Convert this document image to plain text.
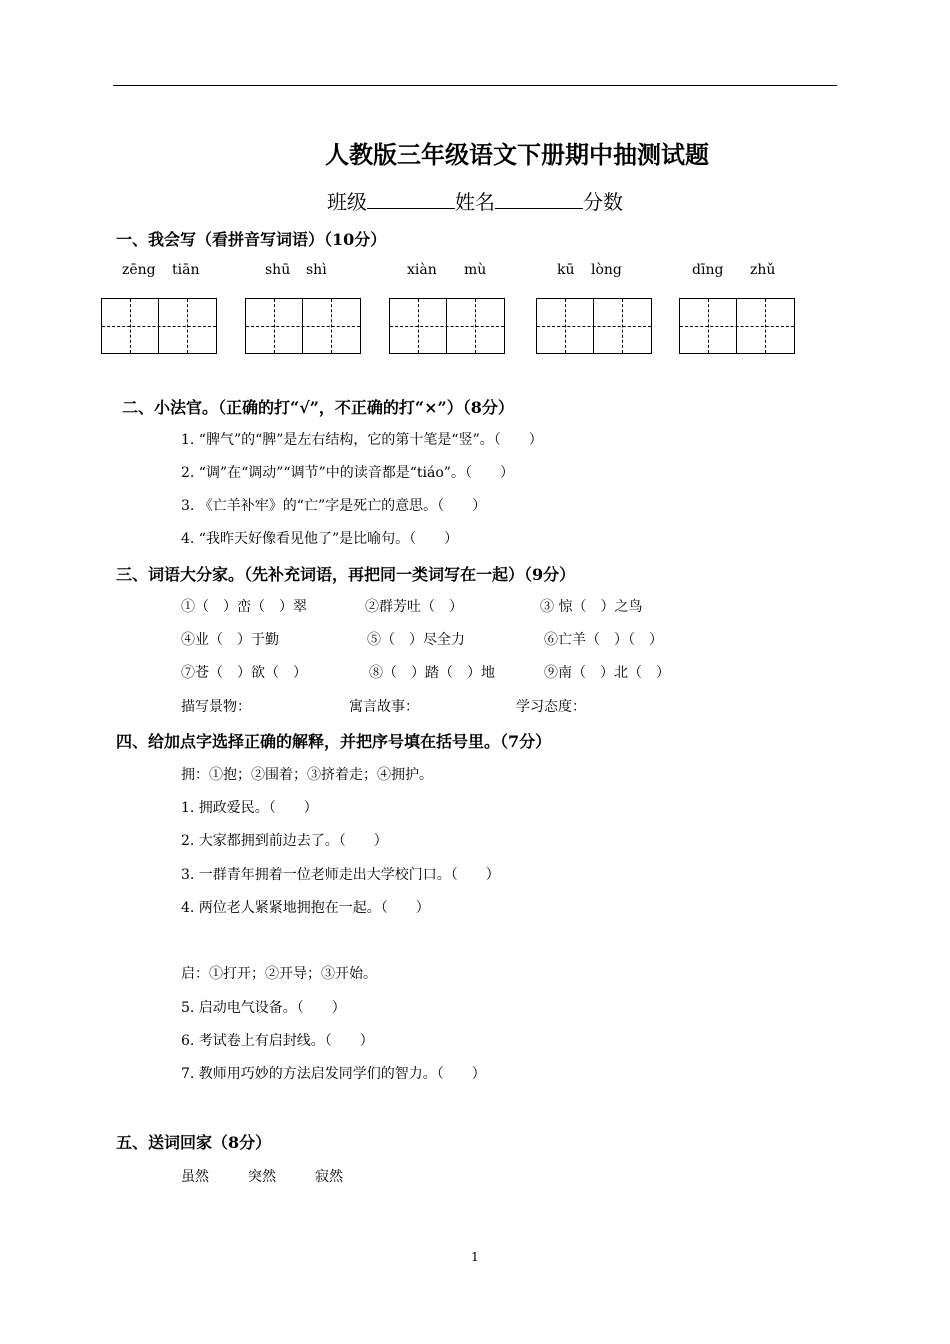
人教版三年级语文下册期中抽测试题
班级	姓名	分数
一、我会写（看拼音写词语）（10分）
zēng tiān	shū shì	xiàn mù	kū lòng	dīng zhǔ
二、小法官。（正确的打“√”，不正确的打“×”）（8分）
1. “脾气”的“脾”是左右结构，它的第十笔是“竖”。（　　）
2. “调”在“调动”“调节”中的读音都是“tiáo”。（　　）
3. 《亡羊补牢》的“亡”字是死亡的意思。（　　）
4. “我昨天好像看见他了”是比喻句。（　　）
三、词语大分家。（先补充词语，再把同一类词写在一起）（9分）
①（　）峦（　）翠	②群芳吐（　）	③ 惊（　）之鸟
④业（　）于勤	⑤（　）尽全力	⑥亡羊（　）（　）
⑦苍（　）欲（　）	⑧（　）踏（　）地	⑨南（　）北（　）
描写景物：	寓言故事：	学习态度：
四、给加点字选择正确的解释，并把序号填在括号里。（7分）
拥：①抱；②围着；③挤着走；④拥护。
1. 拥政爱民。（　　）
2. 大家都拥到前边去了。（　　）
3. 一群青年拥着一位老师走出大学校门口。（　　）
4. 两位老人紧紧地拥抱在一起。（　　）
启：①打开；②开导；③开始。
5. 启动电气设备。（　　）
6. 考试卷上有启封线。（　　）
7. 教师用巧妙的方法启发同学们的智力。（　　）
五、送词回家（8分）
虽然	突然	寂然
1
